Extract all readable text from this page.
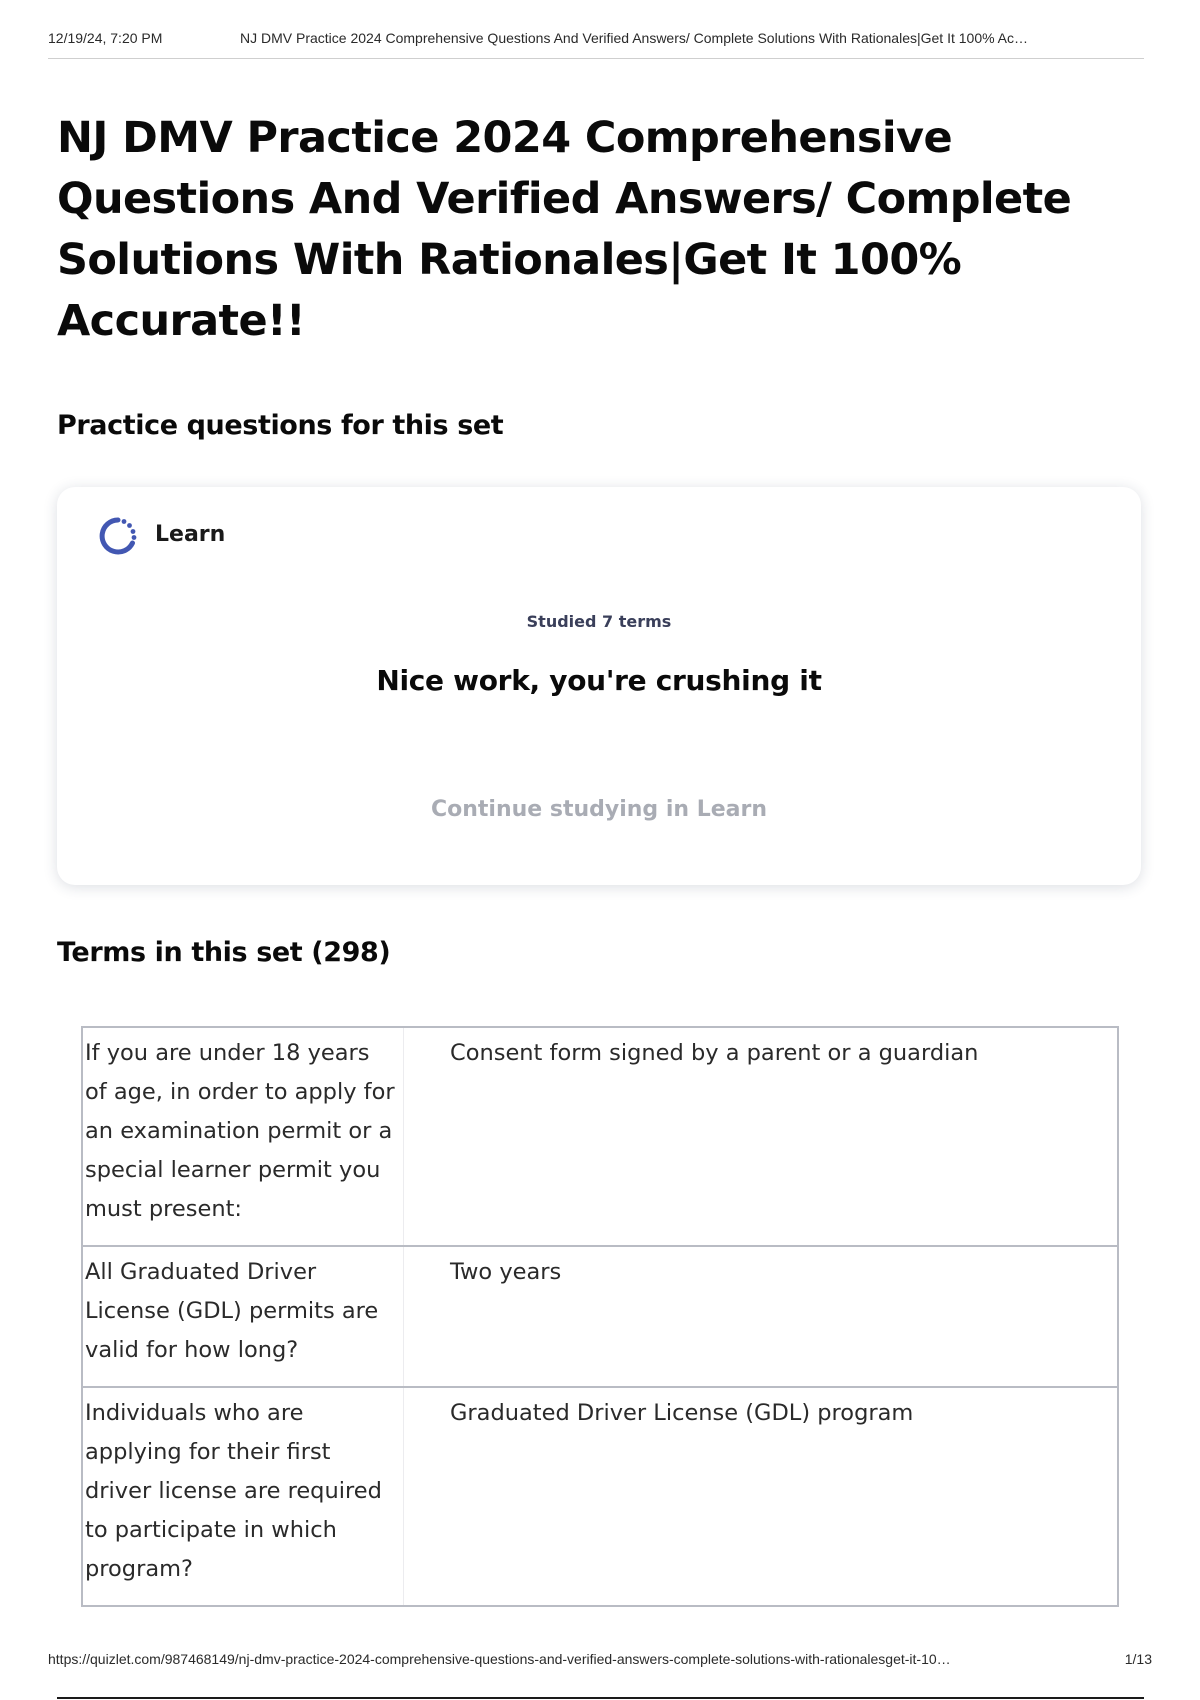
12/19/24, 7:20 PM	NJ DMV Practice 2024 Comprehensive Questions And Verified Answers/ Complete Solutions With Rationales|Get It 100% Ac…
NJ DMV Practice 2024 Comprehensive Questions And Verified Answers/ Complete Solutions With Rationales|Get It 100% Accurate!!
Practice questions for this set
Learn
Studied 7 terms
Nice work, you're crushing it
Continue studying in Learn
Terms in this set (298)
If you are under 18 years of age, in order to apply for an examination permit or a special learner permit you must present:	Consent form signed by a parent or a guardian
All Graduated Driver License (GDL) permits are valid for how long?	Two years
Individuals who are applying for their first driver license are required to participate in which program?	Graduated Driver License (GDL) program
https://quizlet.com/987468149/nj-dmv-practice-2024-comprehensive-questions-and-verified-answers-complete-solutions-with-rationalesget-it-10…	1/13
